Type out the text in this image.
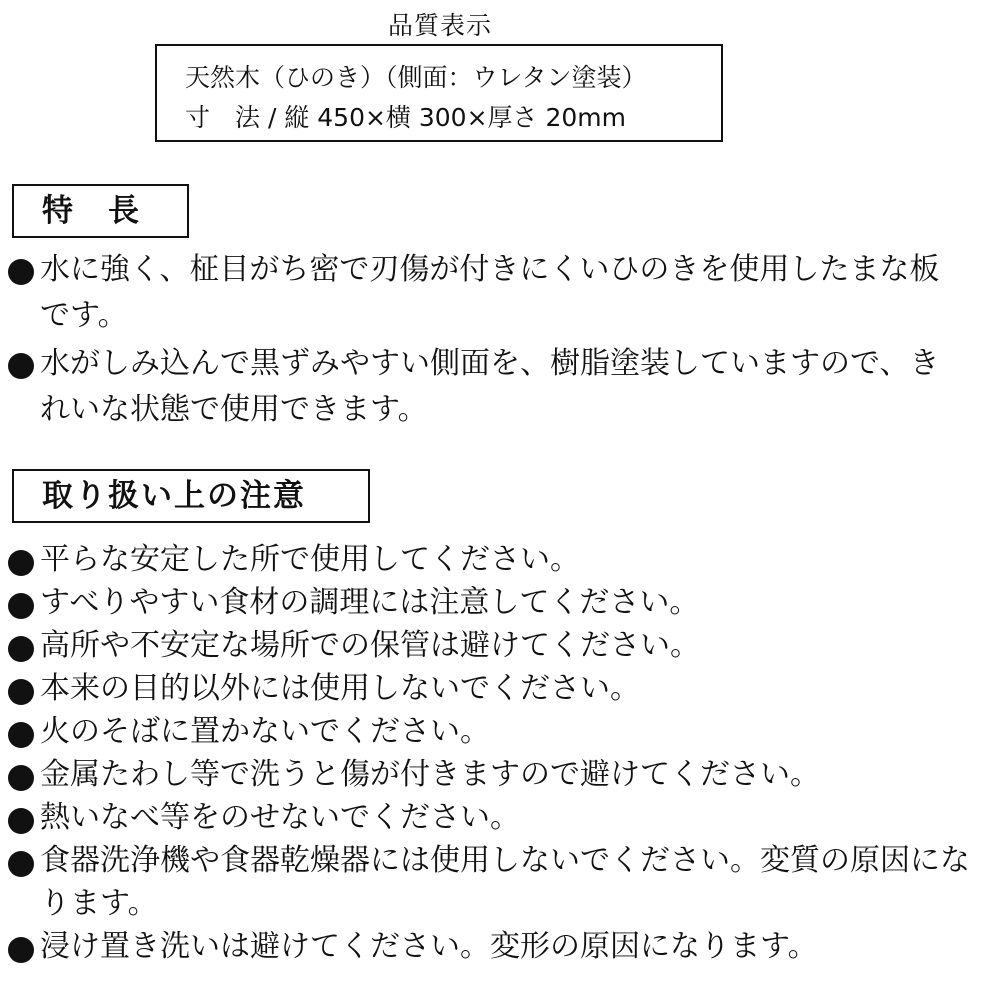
品質表示
天然木（ひのき）（側面：ウレタン塗装）
寸　法 / 縦 450×横 300×厚さ 20mm
特　長
水に強く、柾目がち密で刃傷が付きにくいひのきを使用したまな板
です。
水がしみ込んで黒ずみやすい側面を、樹脂塗装していますので、き
れいな状態で使用できます。
取り扱い上の注意
平らな安定した所で使用してください。
すべりやすい食材の調理には注意してください。
高所や不安定な場所での保管は避けてください。
本来の目的以外には使用しないでください。
火のそばに置かないでください。
金属たわし等で洗うと傷が付きますので避けてください。
熱いなべ等をのせないでください。
食器洗浄機や食器乾燥器には使用しないでください。変質の原因にな
ります。
浸け置き洗いは避けてください。変形の原因になります。
